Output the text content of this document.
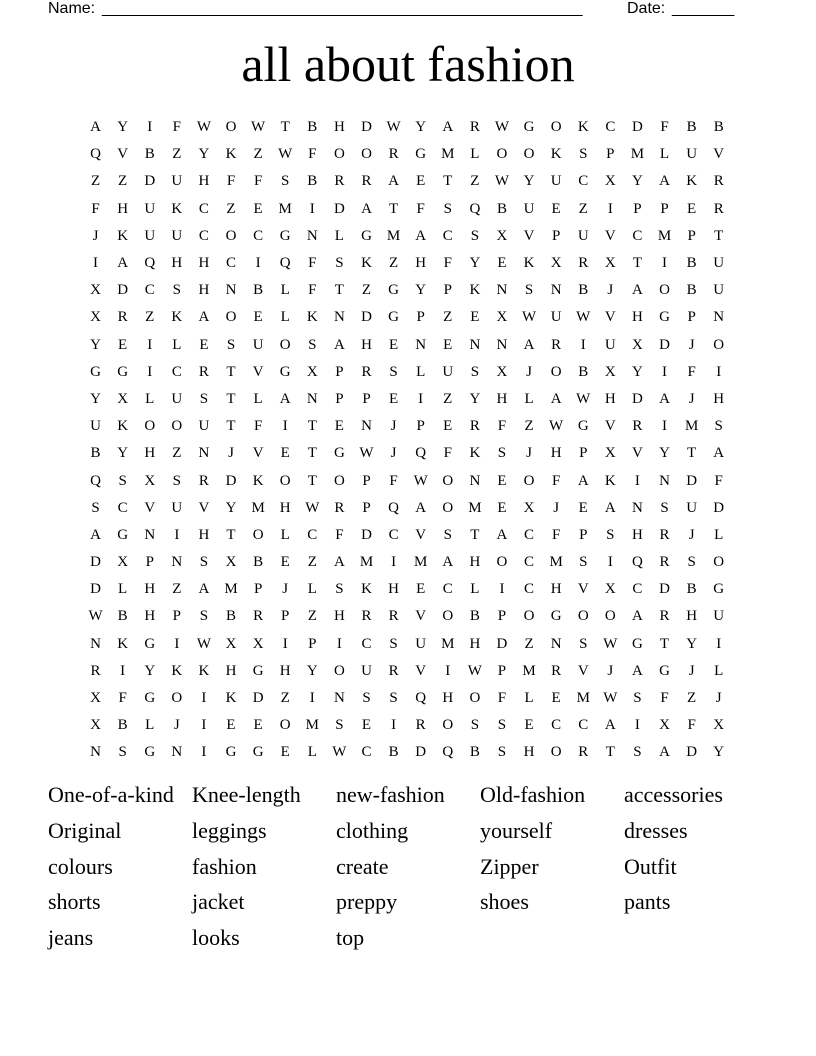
Name: ______________________________________________________	Date: _______
all about fashion
A	Y	I	F	W O W	T	B	H	D W Y	A	R	W G	O	K	C	D	F	B	B
Q	V	B	Z	Y	K	Z	W	F	O	O	R	G	M	L	O	O	K	S	P	M	L	U	V
Z	Z	D	U	H	F	F	S	B	R	R	A	E	T	Z	W Y	U	C	X	Y	A	K	R
F	H	U	K	C	Z	E	M	I	D	A	T	F	S	Q	B	U	E	Z	I	P	P	E	R
J	K	U	U	C	O	C	G	N	L	G	M	A	C	S	X	V	P	U	V	C	M	P	T
I	A	Q	H	H	C	I	Q	F	S	K	Z	H	F	Y	E	K	X	R	X	T	I	B	U
X	D	C	S	H	N	B	L	F	T	Z	G	Y	P	K	N	S	N	B	J	A	O	B	U
X	R	Z	K	A	O	E	L	K	N	D	G	P	Z	E	X W U W V	H	G	P	N
Y	E	I	L	E	S	U	O	S	A	H	E	N	E	N	N	A	R	I	U	X	D	J	O
G	G	I	C	R	T	V	G	X	P	R	S	L	U	S	X	J	O	B	X	Y	I	F	I
Y	X	L	U	S	T	L	A	N	P	P	E	I	Z	Y	H	L	A W H	D	A	J	H
U	K	O	O	U	T	F	I	T	E	N	J	P	E	R	F	Z	W G	V	R	I	M	S
B	Y	H	Z	N	J	V	E	T	G W	J	Q	F	K	S	J	H	P	X	V	Y	T	A
Q	S	X	S	R	D	K	O	T	O	P	F	W O	N	E	O	F	A	K	I	N	D	F
S	C	V	U	V	Y	M	H W	R	P	Q	A	O	M	E	X	J	E	A	N	S	U	D
A	G	N	I	H	T	O	L	C	F	D	C	V	S	T	A	C	F	P	S	H	R	J	L
D	X	P	N	S	X	B	E	Z	A	M	I	M	A	H	O	C	M	S	I	Q	R	S	O
D	L	H	Z	A	M	P	J	L	S	K	H	E	C	L	I	C	H	V	X	C	D	B	G
W	B	H	P	S	B	R	P	Z	H	R	R	V	O	B	P	O	G	O	O	A	R	H	U
N	K	G	I	W X	X	I	P	I	C	S	U	M	H	D	Z	N	S	W G	T	Y	I
R	I	Y	K	K	H	G	H	Y	O	U	R	V	I	W	P	M	R	V	J	A	G	J	L
X	F	G	O	I	K	D	Z	I	N	S	S	Q	H	O	F	L	E	M W	S	F	Z	J
X	B	L	J	I	E	E	O	M	S	E	I	R	O	S	S	E	C	C	A	I	X	F	X
N	S	G	N	I	G	G	E	L	W	C	B	D	Q	B	S	H	O	R	T	S	A	D	Y
One-of-a-kind Knee-length	new-fashion	Old-fashion	accessories
Original	leggings	clothing	yourself	dresses
colours	fashion	create	Zipper	Outfit
shorts	jacket	preppy	shoes	pants
jeans	looks	top
